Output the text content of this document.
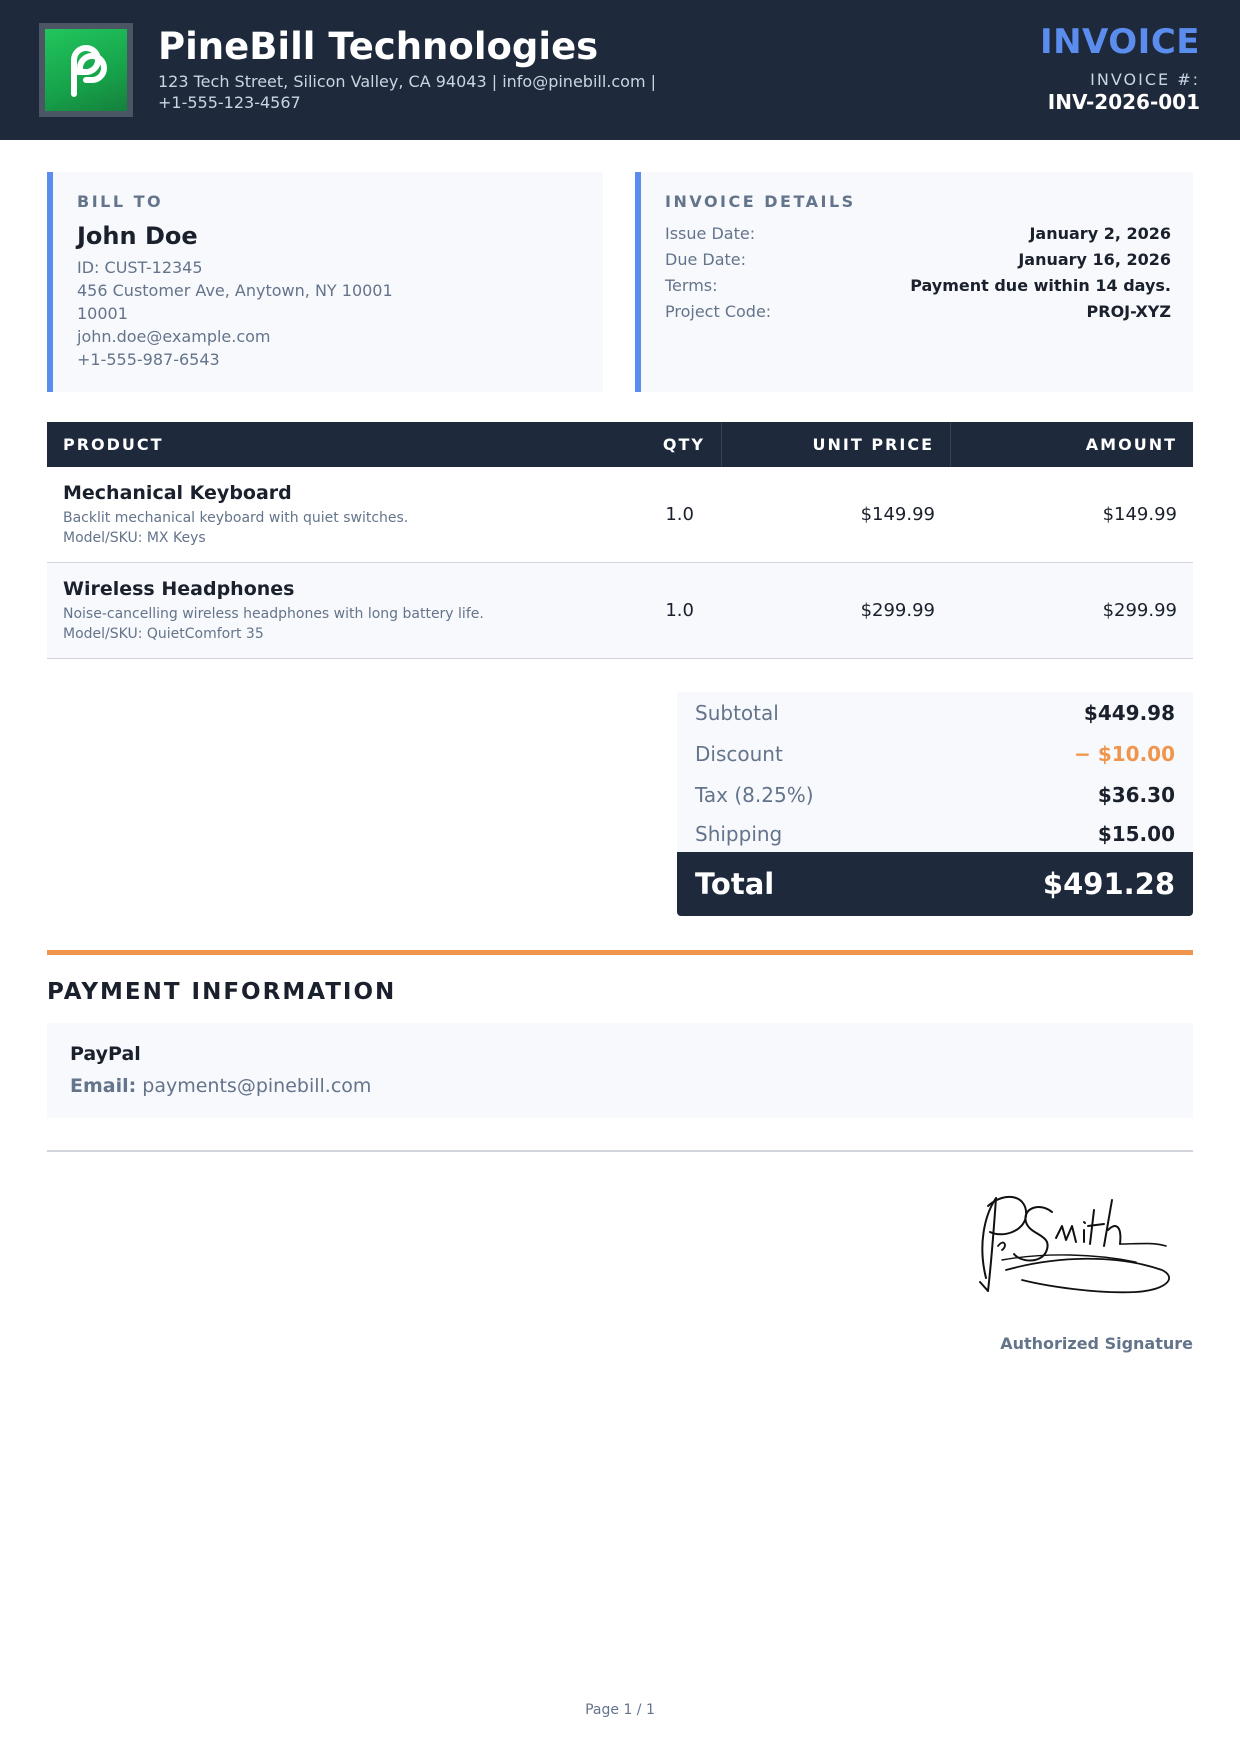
PineBill Technologies
123 Tech Street, Silicon Valley, CA 94043 | info@pinebill.com | +1-555-123-4567
INVOICE
INVOICE #:
INV-2026-001
BILL TO
John Doe
ID: CUST-12345
456 Customer Ave, Anytown, NY 10001
10001
john.doe@example.com
+1-555-987-6543
INVOICE DETAILS
Issue Date:	January 2, 2026
Due Date:	January 16, 2026
Terms:	Payment due within 14 days.
Project Code:	PROJ-XYZ
PRODUCT	QTY	UNIT PRICE	AMOUNT
Mechanical Keyboard
Backlit mechanical keyboard with quiet switches.
Model/SKU: MX Keys
1.0	$149.99	$149.99
Wireless Headphones
Noise-cancelling wireless headphones with long battery life.
Model/SKU: QuietComfort 35
1.0	$299.99	$299.99
Subtotal	$449.98
Discount	− $10.00
Tax (8.25%)	$36.30
Shipping	$15.00
Total	$491.28
PAYMENT INFORMATION
PayPal
Email: payments@pinebill.com
Authorized Signature
Page 1 / 1
